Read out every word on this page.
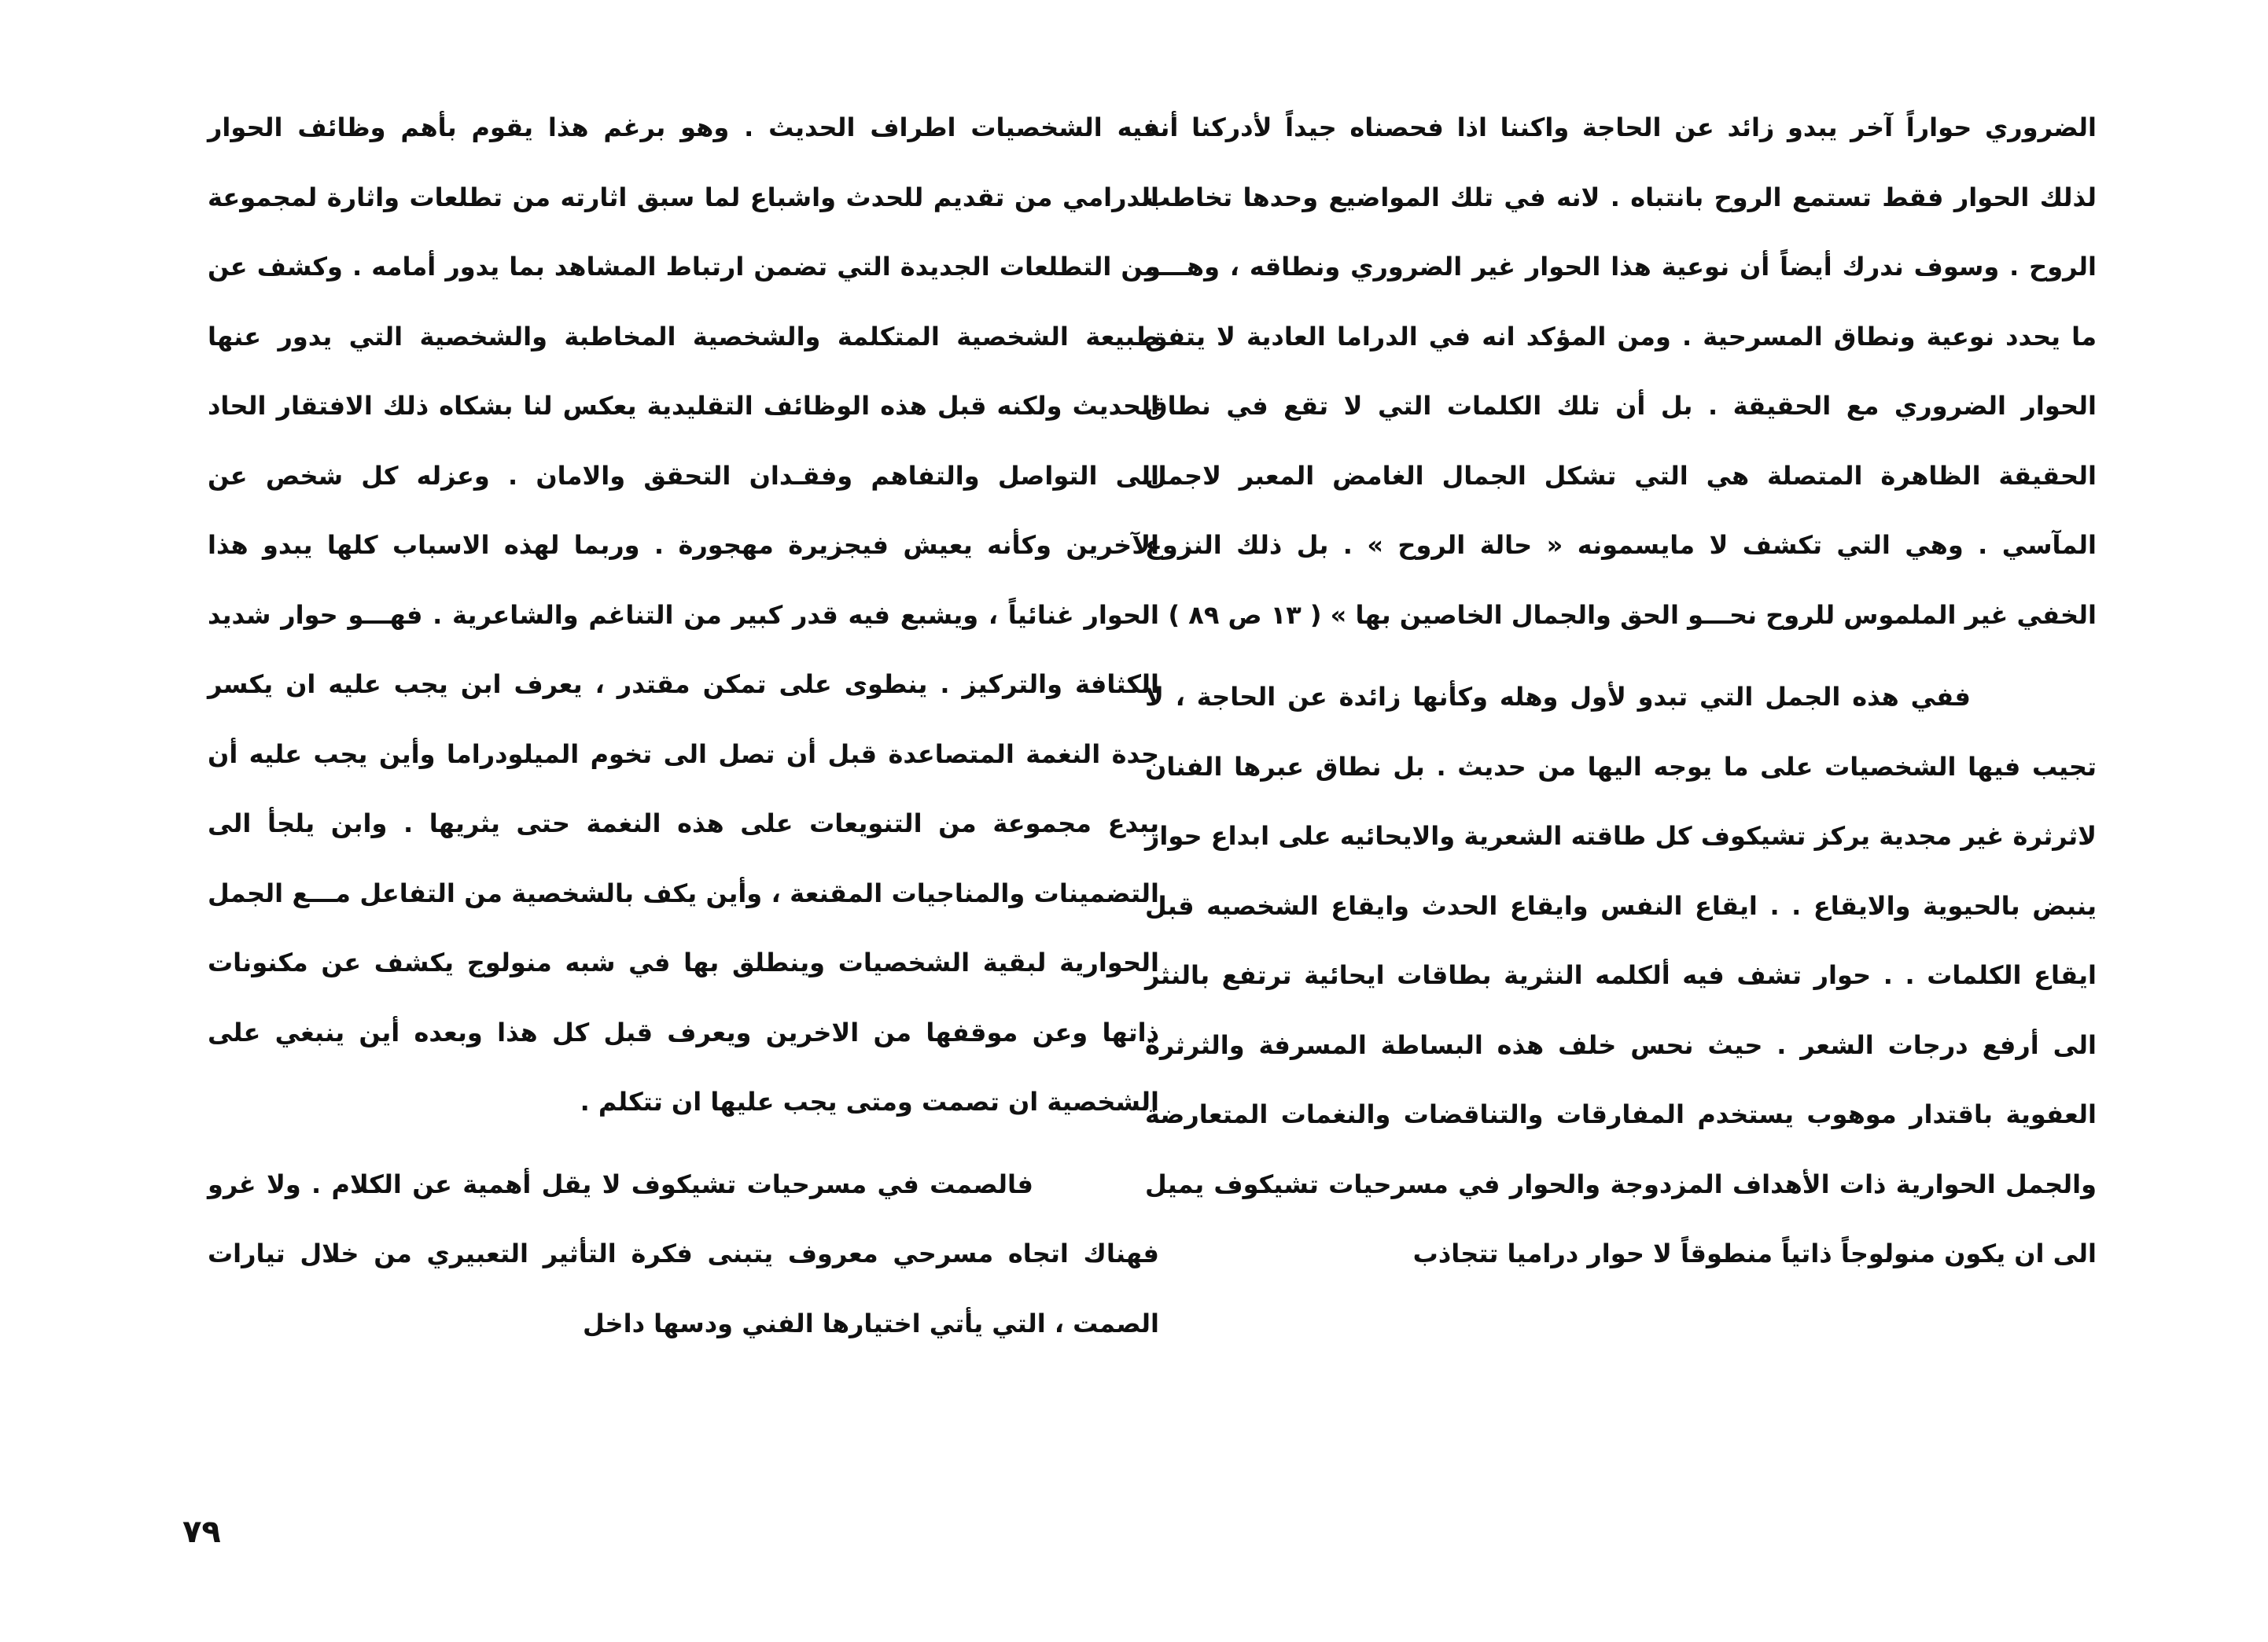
الضروري حواراً آخر يبدو زائد عن الحاجة واكننا اذا فحصناه جيداً لأدركنا أنه لذلك الحوار فقط تستمع الروح بانتباه . لانه في تلك المواضيع وحدها تخاطب الروح . وسوف ندرك أيضاً أن نوعية هذا الحوار غير الضروري ونطاقه ، وهـــو ما يحدد نوعية ونطاق المسرحية . ومن المؤكد انه في الدراما العادية لا يتفق الحوار الضروري مع الحقيقة . بل أن تلك الكلمات التي لا تقع في نطاق الحقيقة الظاهرة المتصلة هي التي تشكل الجمال الغامض المعبر لاجمل المآسي . وهي التي تكشف لا مايسمونه « حالة الروح » . بل ذلك النزوع الخفي غير الملموس للروح نحـــو الحق والجمال الخاصين بها » ( ١٣ ص ٨٩ ) .

ففي هذه الجمل التي تبدو لأول وهله وكأنها زائدة عن الحاجة ، لا تجيب فيها الشخصيات على ما يوجه اليها من حديث . بل نطاق عبرها الفنان لاثرثرة غير مجدية يركز تشيكوف كل طاقته الشعرية والايحائيه على ابداع حوار ينبض بالحيوية والايقاع . . ايقاع النفس وايقاع الحدث وايقاع الشخصيه قبل ايقاع الكلمات . . حوار تشف فيه ألكلمه النثرية بطاقات ايحائية ترتفع بالنثر الى أرفع درجات الشعر . حيث نحس خلف هذه البساطة المسرفة والثرثرة العفوية باقتدار موهوب يستخدم المفارقات والتناقضات والنغمات المتعارضة والجمل الحوارية ذات الأهداف المزدوجة والحوار في مسرحيات تشيكوف يميل الى ان يكون منولوجاً ذاتياً منطوقاً لا حوار دراميا تتجاذب

فيه الشخصيات اطراف الحديث . وهو برغم هذا يقوم بأهم وظائف الحوار الدرامي من تقديم للحدث واشباع لما سبق اثارته من تطلعات واثارة لمجموعة من التطلعات الجديدة التي تضمن ارتباط المشاهد بما يدور أمامه . وكشف عن طبيعة الشخصية المتكلمة والشخصية المخاطبة والشخصية التي يدور عنها الحديث ولكنه قبل هذه الوظائف التقليدية يعكس لنا بشكاه ذلك الافتقار الحاد الى التواصل والتفاهم وفقـدان التحقق والامان . وعزله كل شخص عن الآخرين وكأنه يعيش فيجزيرة مهجورة . وربما لهذه الاسباب كلها يبدو هذا الحوار غنائياً ، ويشبع فيه قدر كبير من التناغم والشاعرية . فهـــو حوار شديد الكثافة والتركيز . ينطوى على تمكن مقتدر ، يعرف ابن يجب عليه ان يكسر حدة النغمة المتصاعدة قبل أن تصل الى تخوم الميلودراما وأين يجب عليه أن يبدع مجموعة من التنويعات على هذه النغمة حتى يثريها . وابن يلجأ الى التضمينات والمناجيات المقنعة ، وأين يكف بالشخصية من التفاعل مـــع الجمل الحوارية لبقية الشخصيات وينطلق بها في شبه منولوج يكشف عن مكنونات ذاتها وعن موقفها من الاخرين ويعرف قبل كل هذا وبعده أين ينبغي على الشخصية ان تصمت ومتى يجب عليها ان تتكلم .

فالصمت في مسرحيات تشيكوف لا يقل أهمية عن الكلام . ولا غرو فهناك اتجاه مسرحي معروف يتبنى فكرة التأثير التعبيري من خلال تيارات الصمت ، التي يأتي اختيارها الفني ودسها داخل

٧٩
